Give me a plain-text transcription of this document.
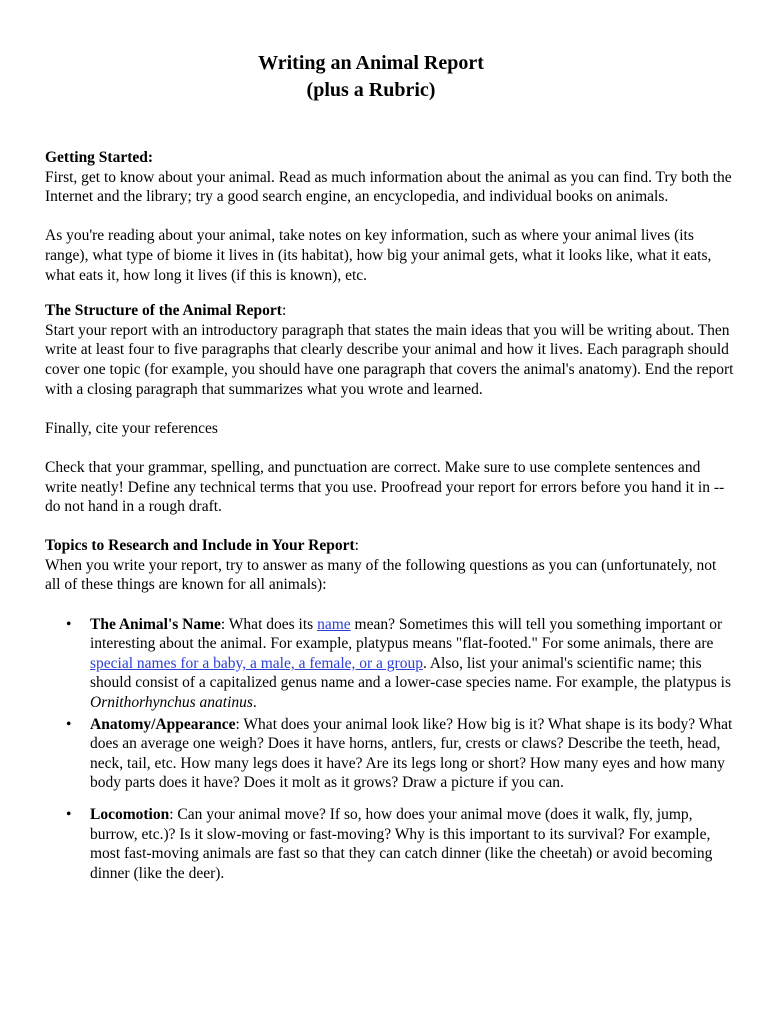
Writing an Animal Report

(plus a Rubric)

Getting Started:

First, get to know about your animal. Read as much information about the animal as you can find. Try both the Internet and the library; try a good search engine, an encyclopedia, and individual books on animals.

As you're reading about your animal, take notes on key information, such as where your animal lives (its range), what type of biome it lives in (its habitat), how big your animal gets, what it looks like, what it eats, what eats it, how long it lives (if this is known), etc.

The Structure of the Animal Report:

Start your report with an introductory paragraph that states the main ideas that you will be writing about. Then write at least four to five paragraphs that clearly describe your animal and how it lives. Each paragraph should cover one topic (for example, you should have one paragraph that covers the animal's anatomy). End the report with a closing paragraph that summarizes what you wrote and learned.

Finally, cite your references

Check that your grammar, spelling, and punctuation are correct. Make sure to use complete sentences and write neatly! Define any technical terms that you use. Proofread your report for errors before you hand it in -- do not hand in a rough draft.

Topics to Research and Include in Your Report:

When you write your report, try to answer as many of the following questions as you can (unfortunately, not all of these things are known for all animals):

• The Animal's Name: What does its name mean? Sometimes this will tell you something important or interesting about the animal. For example, platypus means "flat-footed." For some animals, there are special names for a baby, a male, a female, or a group. Also, list your animal's scientific name; this should consist of a capitalized genus name and a lower-case species name. For example, the platypus is Ornithorhynchus anatinus.
• Anatomy/Appearance: What does your animal look like? How big is it? What shape is its body? What does an average one weigh? Does it have horns, antlers, fur, crests or claws? Describe the teeth, head, neck, tail, etc. How many legs does it have? Are its legs long or short? How many eyes and how many body parts does it have? Does it molt as it grows? Draw a picture if you can.
• Locomotion: Can your animal move? If so, how does your animal move (does it walk, fly, jump, burrow, etc.)? Is it slow-moving or fast-moving? Why is this important to its survival? For example, most fast-moving animals are fast so that they can catch dinner (like the cheetah) or avoid becoming dinner (like the deer).
